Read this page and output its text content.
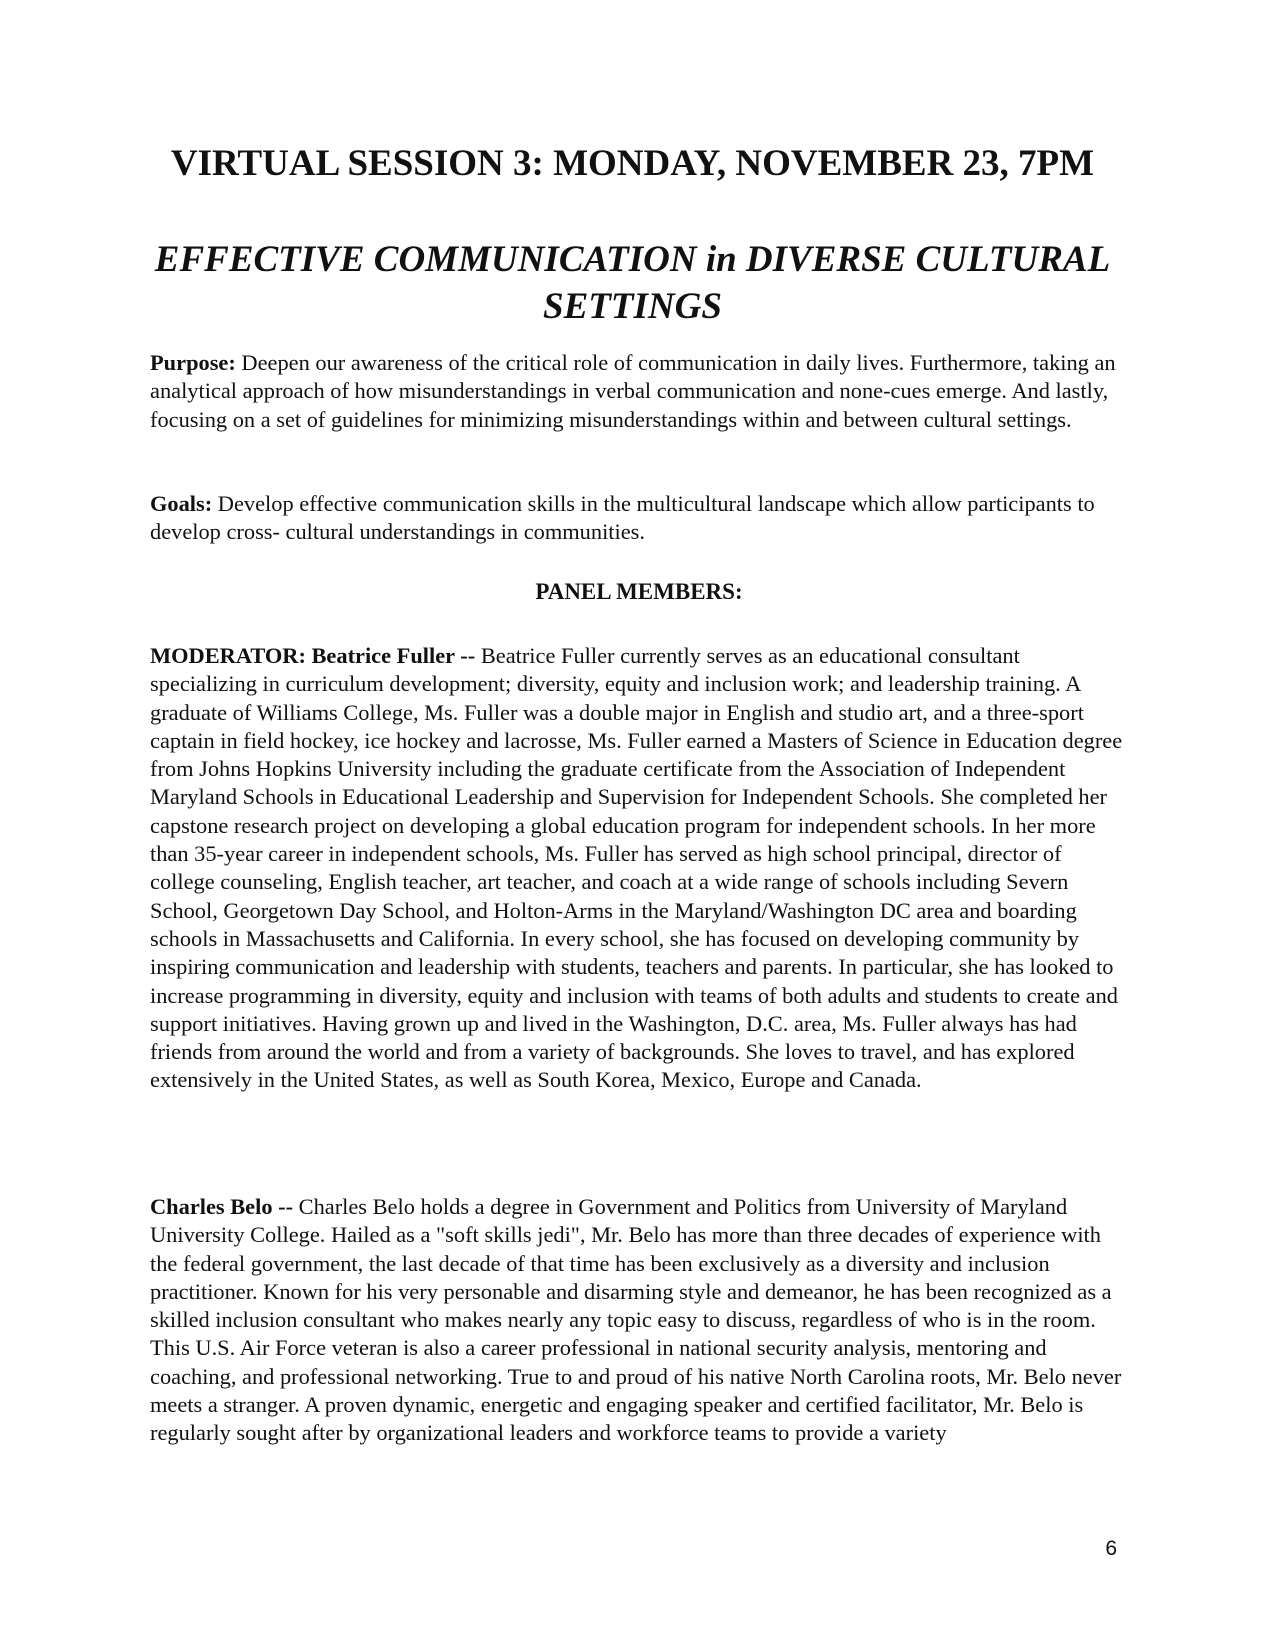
VIRTUAL SESSION 3: MONDAY, NOVEMBER 23, 7PM
EFFECTIVE COMMUNICATION in DIVERSE CULTURAL SETTINGS
Purpose: Deepen our awareness of the critical role of communication in daily lives. Furthermore, taking an analytical approach of how misunderstandings in verbal communication and none-cues emerge. And lastly, focusing on a set of guidelines for minimizing misunderstandings within and between cultural settings.
Goals: Develop effective communication skills in the multicultural landscape which allow participants to develop cross- cultural understandings in communities.
PANEL MEMBERS:
MODERATOR: Beatrice Fuller -- Beatrice Fuller currently serves as an educational consultant specializing in curriculum development; diversity, equity and inclusion work; and leadership training. A graduate of Williams College, Ms. Fuller was a double major in English and studio art, and a three-sport captain in field hockey, ice hockey and lacrosse, Ms. Fuller earned a Masters of Science in Education degree from Johns Hopkins University including the graduate certificate from the Association of Independent Maryland Schools in Educational Leadership and Supervision for Independent Schools. She completed her capstone research project on developing a global education program for independent schools. In her more than 35-year career in independent schools, Ms. Fuller has served as high school principal, director of college counseling, English teacher, art teacher, and coach at a wide range of schools including Severn School, Georgetown Day School, and Holton-Arms in the Maryland/Washington DC area and boarding schools in Massachusetts and California. In every school, she has focused on developing community by inspiring communication and leadership with students, teachers and parents. In particular, she has looked to increase programming in diversity, equity and inclusion with teams of both adults and students to create and support initiatives. Having grown up and lived in the Washington, D.C. area, Ms. Fuller always has had friends from around the world and from a variety of backgrounds. She loves to travel, and has explored extensively in the United States, as well as South Korea, Mexico, Europe and Canada.
Charles Belo -- Charles Belo holds a degree in Government and Politics from University of Maryland University College. Hailed as a "soft skills jedi", Mr. Belo has more than three decades of experience with the federal government, the last decade of that time has been exclusively as a diversity and inclusion practitioner. Known for his very personable and disarming style and demeanor, he has been recognized as a skilled inclusion consultant who makes nearly any topic easy to discuss, regardless of who is in the room. This U.S. Air Force veteran is also a career professional in national security analysis, mentoring and coaching, and professional networking. True to and proud of his native North Carolina roots, Mr. Belo never meets a stranger. A proven dynamic, energetic and engaging speaker and certified facilitator, Mr. Belo is regularly sought after by organizational leaders and workforce teams to provide a variety
6
